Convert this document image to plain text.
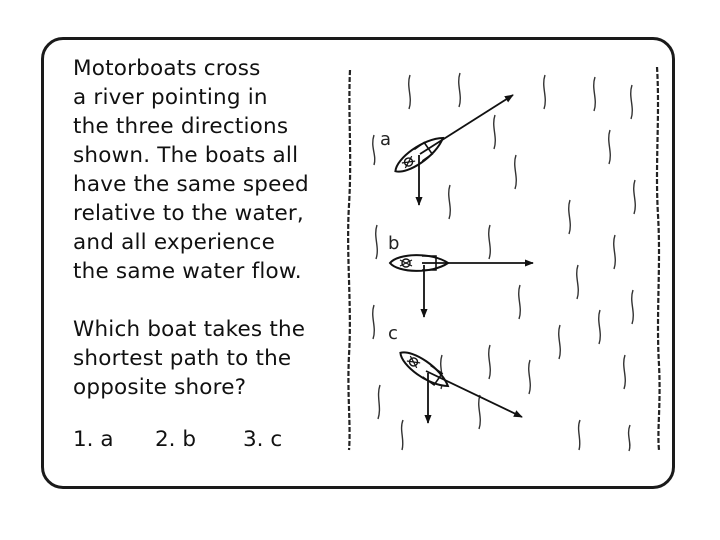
Motorboats cross
a river pointing in
the three directions
shown. The boats all
have the same speed
relative to the water,
and all experience
the same water flow.

Which boat takes the
shortest path to the
opposite shore?

1. a 2. b 3. c
a
b
c
